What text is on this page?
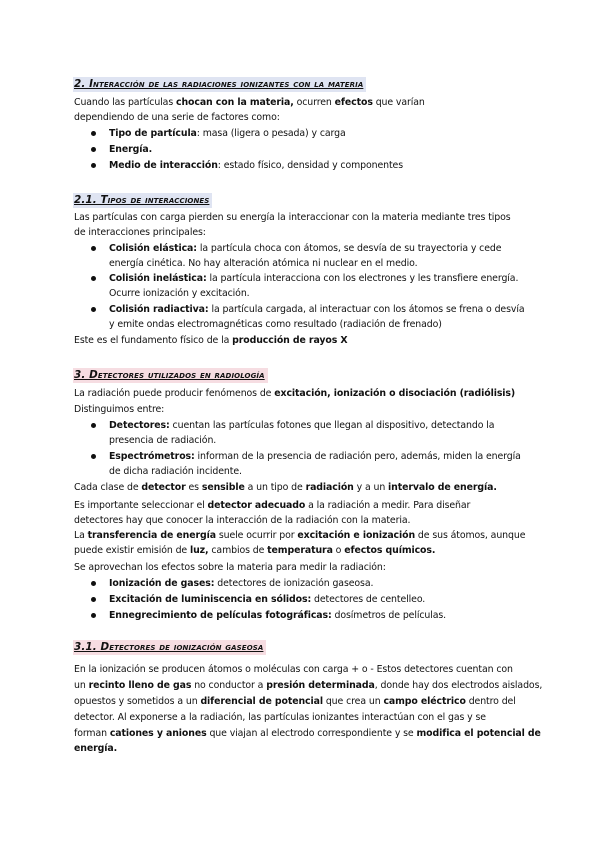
2. Interacción de las radiaciones ionizantes con la materia
Cuando las partículas chocan con la materia, ocurren efectos que varían
dependiendo de una serie de factores como:
Tipo de partícula: masa (ligera o pesada) y carga
Energía.
Medio de interacción: estado físico, densidad y componentes
2.1. Tipos de interacciones
Las partículas con carga pierden su energía la interaccionar con la materia mediante tres tipos
de interacciones principales:
Colisión elástica: la partícula choca con átomos, se desvía de su trayectoria y cede
energía cinética. No hay alteración atómica ni nuclear en el medio.
Colisión inelástica: la partícula interacciona con los electrones y les transfiere energía.
Ocurre ionización y excitación.
Colisión radiactiva: la partícula cargada, al interactuar con los átomos se frena o desvía
y emite ondas electromagnéticas como resultado (radiación de frenado)
Este es el fundamento físico de la producción de rayos X
3. Detectores utilizados en radiología
La radiación puede producir fenómenos de excitación, ionización o disociación (radiólisis)
Distinguimos entre:
Detectores: cuentan las partículas fotones que llegan al dispositivo, detectando la
presencia de radiación.
Espectrómetros: informan de la presencia de radiación pero, además, miden la energía
de dicha radiación incidente.
Cada clase de detector es sensible a un tipo de radiación y a un intervalo de energía.
Es importante seleccionar el detector adecuado a la radiación a medir. Para diseñar
detectores hay que conocer la interacción de la radiación con la materia.
La transferencia de energía suele ocurrir por excitación e ionización de sus átomos, aunque
puede existir emisión de luz, cambios de temperatura o efectos químicos.
Se aprovechan los efectos sobre la materia para medir la radiación:
Ionización de gases: detectores de ionización gaseosa.
Excitación de luminiscencia en sólidos: detectores de centelleo.
Ennegrecimiento de películas fotográficas: dosímetros de películas.
3.1. Detectores de ionización gaseosa
En la ionización se producen átomos o moléculas con carga + o - Estos detectores cuentan con
un recinto lleno de gas no conductor a presión determinada, donde hay dos electrodos aislados,
opuestos y sometidos a un diferencial de potencial que crea un campo eléctrico dentro del
detector. Al exponerse a la radiación, las partículas ionizantes interactúan con el gas y se
forman cationes y aniones que viajan al electrodo correspondiente y se modifica el potencial de
energía.
